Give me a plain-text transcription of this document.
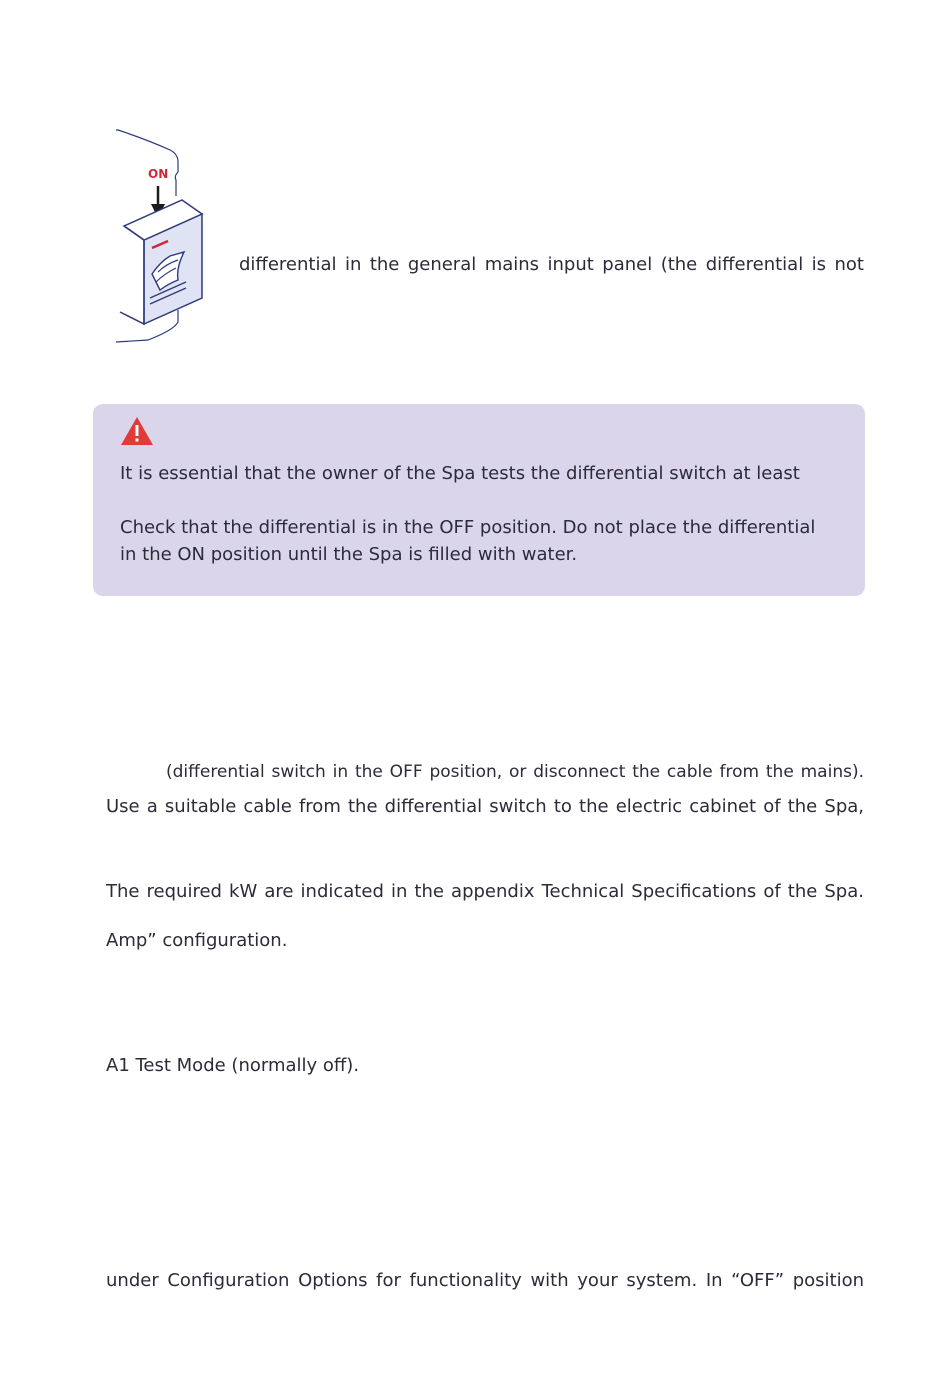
ON
differential in the general mains input panel (the differential is not
It is essential that the owner of the Spa tests the differential switch at least
Check that the differential is in the OFF position. Do not place the differential
in the ON position until the Spa is filled with water.
(differential switch in the OFF position, or disconnect the cable from the mains).
Use a suitable cable from the differential switch to the electric cabinet of the Spa,
The required kW are indicated in the appendix Technical Specifications of the Spa.
Amp” configuration.
A1 Test Mode (normally off).
under Configuration Options for functionality with your system. In “OFF” position
